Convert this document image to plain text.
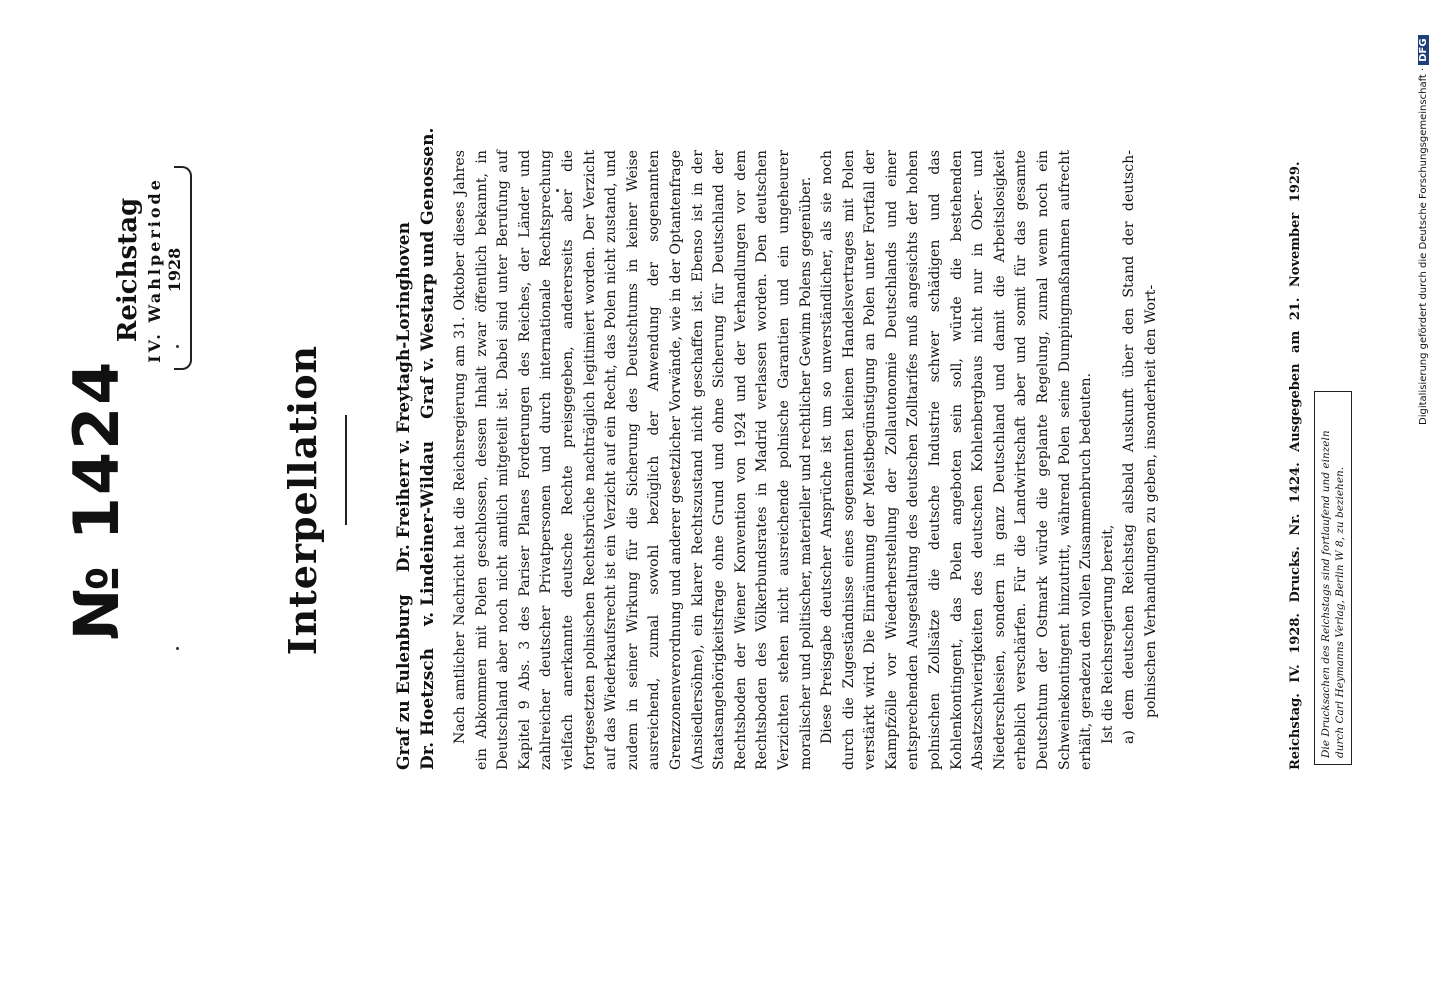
№ 1424
Reichstag IV. Wahlperiode 1928
Interpellation
Graf zu Eulenburg
Dr. Freiherr v. Freytagh-Loringhoven
Dr. Hoetzsch
v. Lindeiner-Wildau
Graf v. Westarp und Genossen. Nach amtlicher Nachricht hat die Reichsregierung am 31. Oktober dieses Jahres ein Abkommen mit Polen geschlossen, dessen Inhalt zwar öffentlich bekannt, in Deutschland aber noch nicht amtlich mitgeteilt ist. Dabei sind unter Berufung auf Kapitel 9 Abs. 3 des Pariser Planes Forderungen des Reiches, der Länder und zahlreicher deutscher Privatpersonen und durch internationale Rechtsprechung vielfach anerkannte deutsche Rechte preisgegeben, andererseits aber die fortgesetzten polnischen Rechtsbrüche nachträglich legitimiert worden. Der Verzicht auf das Wiederkaufsrecht ist ein Verzicht auf ein Recht, das Polen nicht zustand, und zudem in seiner Wirkung für die Sicherung des Deutschtums in keiner Weise ausreichend, zumal sowohl bezüglich der Anwendung der sogenannten Grenzzonenverordnung und anderer gesetzlicher Vorwände, wie in der Optantenfrage (Ansiedlersöhne), ein klarer Rechtszustand nicht geschaffen ist. Ebenso ist in der Staatsangehörigkeitsfrage ohne Grund und ohne Sicherung für Deutschland der Rechtsboden der Wiener Konvention von 1924 und der Verhandlungen vor dem Rechtsboden des Völkerbundsrates in Madrid verlassen worden. Den deutschen Verzichten stehen nicht ausreichende polnische Garantien und ein ungeheurer moralischer und politischer, materieller und rechtlicher Gewinn Polens gegenüber. Diese Preisgabe deutscher Ansprüche ist um so unverständlicher, als sie noch durch die Zugeständnisse eines sogenannten kleinen Handelsvertrages mit Polen verstärkt wird. Die Einräumung der Meistbegünstigung an Polen unter Fortfall der Kampfzölle vor Wiederherstellung der Zollautonomie Deutschlands und einer entsprechenden Ausgestaltung des deutschen Zolltarifes muß angesichts der hohen polnischen Zollsätze die deutsche Industrie schwer schädigen und das Kohlenkontingent, das Polen angeboten sein soll, würde die bestehenden Absatzschwierigkeiten des deutschen Kohlenbergbaus nicht nur in Ober- und Niederschlesien, sondern in ganz Deutschland und damit die Arbeitslosigkeit erheblich verschärfen. Für die Landwirtschaft aber und somit für das gesamte Deutschtum der Ostmark würde die geplante Regelung, zumal wenn noch ein Schweinekontingent hinzutritt, während Polen seine Dumpingmaßnahmen aufrecht erhält, geradezu den vollen Zusammenbruch bedeuten. Ist die Reichsregierung bereit, a) dem deutschen Reichstag alsbald Auskunft über den Stand der deutsch-polnischen Verhandlungen zu geben, insonderheit den Wort-	Reichstag. IV. 1928. Drucks. Nr. 1424. Ausgegeben am 21. November 1929. Die Drucksachen des Reichstags sind fortlaufend und einzeln durch Carl Heymanns Verlag, Berlin W 8, zu beziehen.
Digitalisierung gefördert durch die Deutsche Forschungsgemeinschaft ·DFG
